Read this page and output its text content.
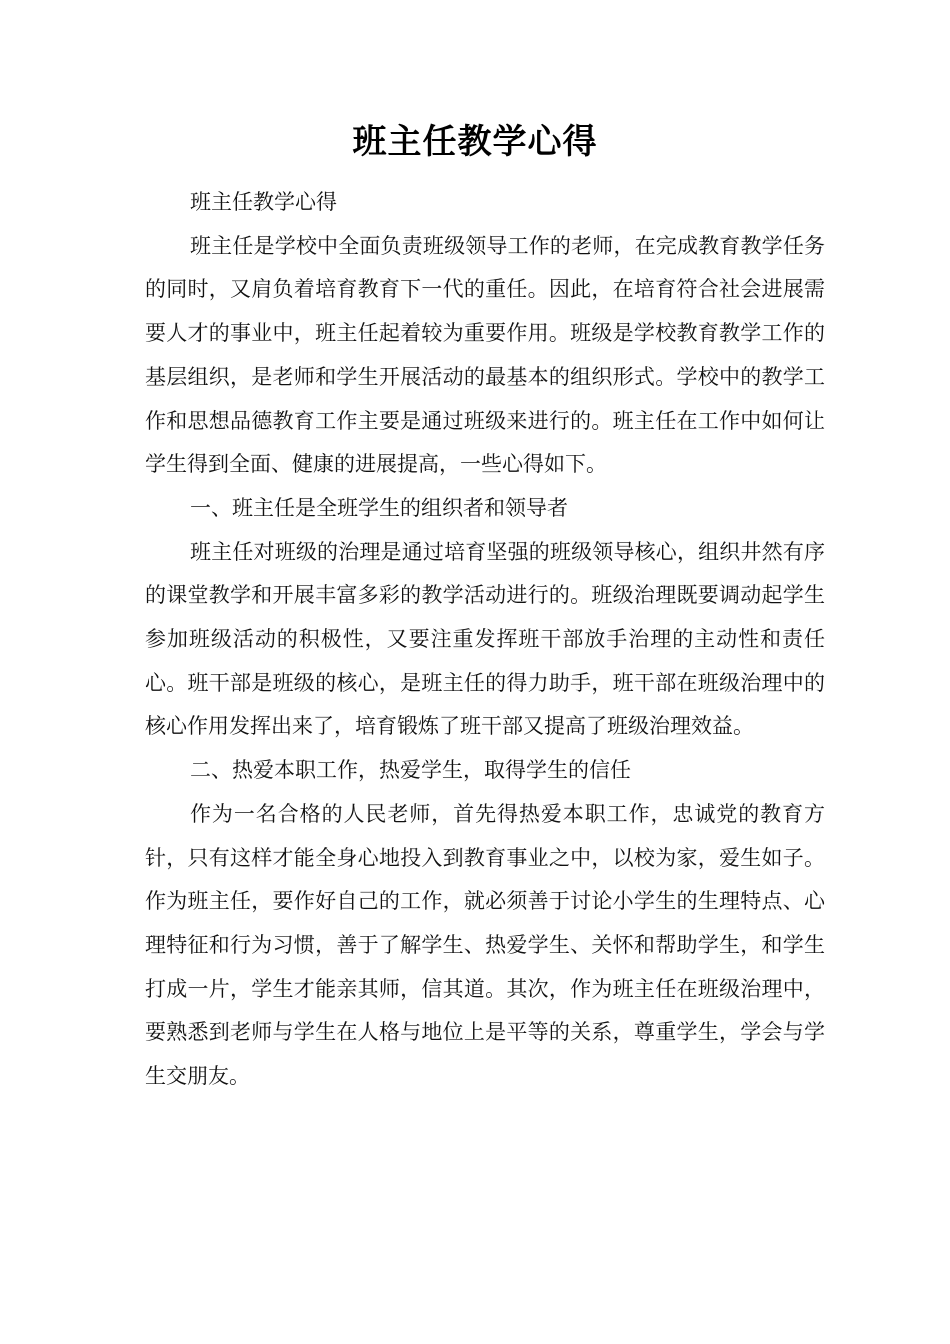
班主任教学心得

班主任教学心得

班主任是学校中全面负责班级领导工作的老师，在完成教育教学任务的同时，又肩负着培育教育下一代的重任。因此，在培育符合社会进展需要人才的事业中，班主任起着较为重要作用。班级是学校教育教学工作的基层组织，是老师和学生开展活动的最基本的组织形式。学校中的教学工作和思想品德教育工作主要是通过班级来进行的。班主任在工作中如何让学生得到全面、健康的进展提高，一些心得如下。

一、班主任是全班学生的组织者和领导者

班主任对班级的治理是通过培育坚强的班级领导核心，组织井然有序的课堂教学和开展丰富多彩的教学活动进行的。班级治理既要调动起学生参加班级活动的积极性，又要注重发挥班干部放手治理的主动性和责任心。班干部是班级的核心，是班主任的得力助手，班干部在班级治理中的核心作用发挥出来了，培育锻炼了班干部又提高了班级治理效益。

二、热爱本职工作，热爱学生，取得学生的信任

作为一名合格的人民老师，首先得热爱本职工作，忠诚党的教育方针，只有这样才能全身心地投入到教育事业之中，以校为家，爱生如子。作为班主任，要作好自己的工作，就必须善于讨论小学生的生理特点、心理特征和行为习惯，善于了解学生、热爱学生、关怀和帮助学生，和学生打成一片，学生才能亲其师，信其道。其次，作为班主任在班级治理中，要熟悉到老师与学生在人格与地位上是平等的关系，尊重学生，学会与学生交朋友。
